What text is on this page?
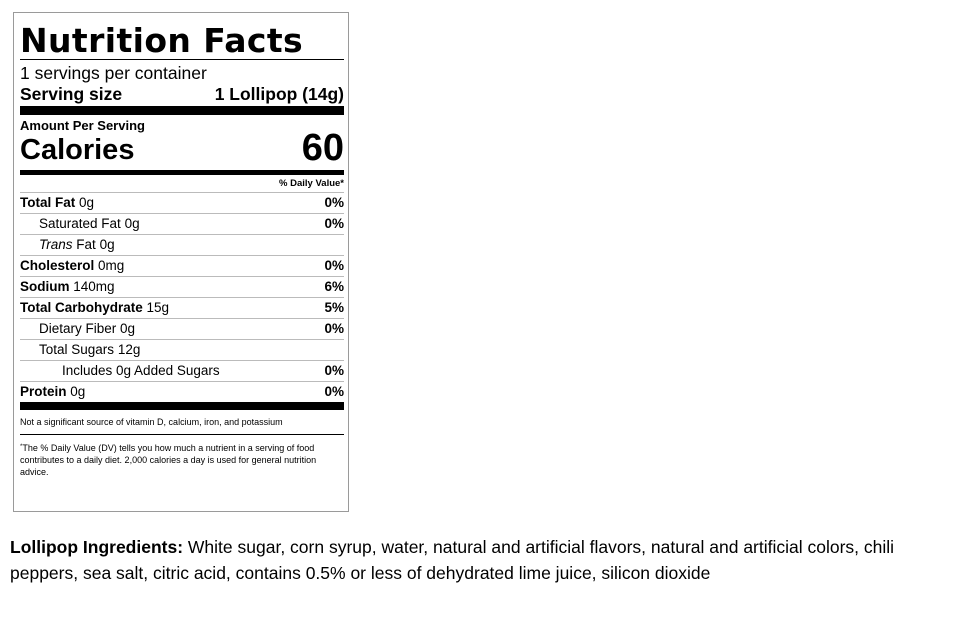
Nutrition Facts
1 servings per container
Serving size	1 Lollipop (14g)
Amount Per Serving
Calories	60
% Daily Value*
Total Fat 0g	0%
Saturated Fat 0g	0%
Trans Fat 0g
Cholesterol 0mg	0%
Sodium 140mg	6%
Total Carbohydrate 15g	5%
Dietary Fiber 0g	0%
Total Sugars 12g
Includes 0g Added Sugars	0%
Protein 0g	0%
Not a significant source of vitamin D, calcium, iron, and potassium
*The % Daily Value (DV) tells you how much a nutrient in a serving of food contributes to a daily diet. 2,000 calories a day is used for general nutrition advice.
Lollipop Ingredients: White sugar, corn syrup, water, natural and artificial flavors, natural and artificial colors, chili peppers, sea salt, citric acid, contains 0.5% or less of dehydrated lime juice, silicon dioxide
